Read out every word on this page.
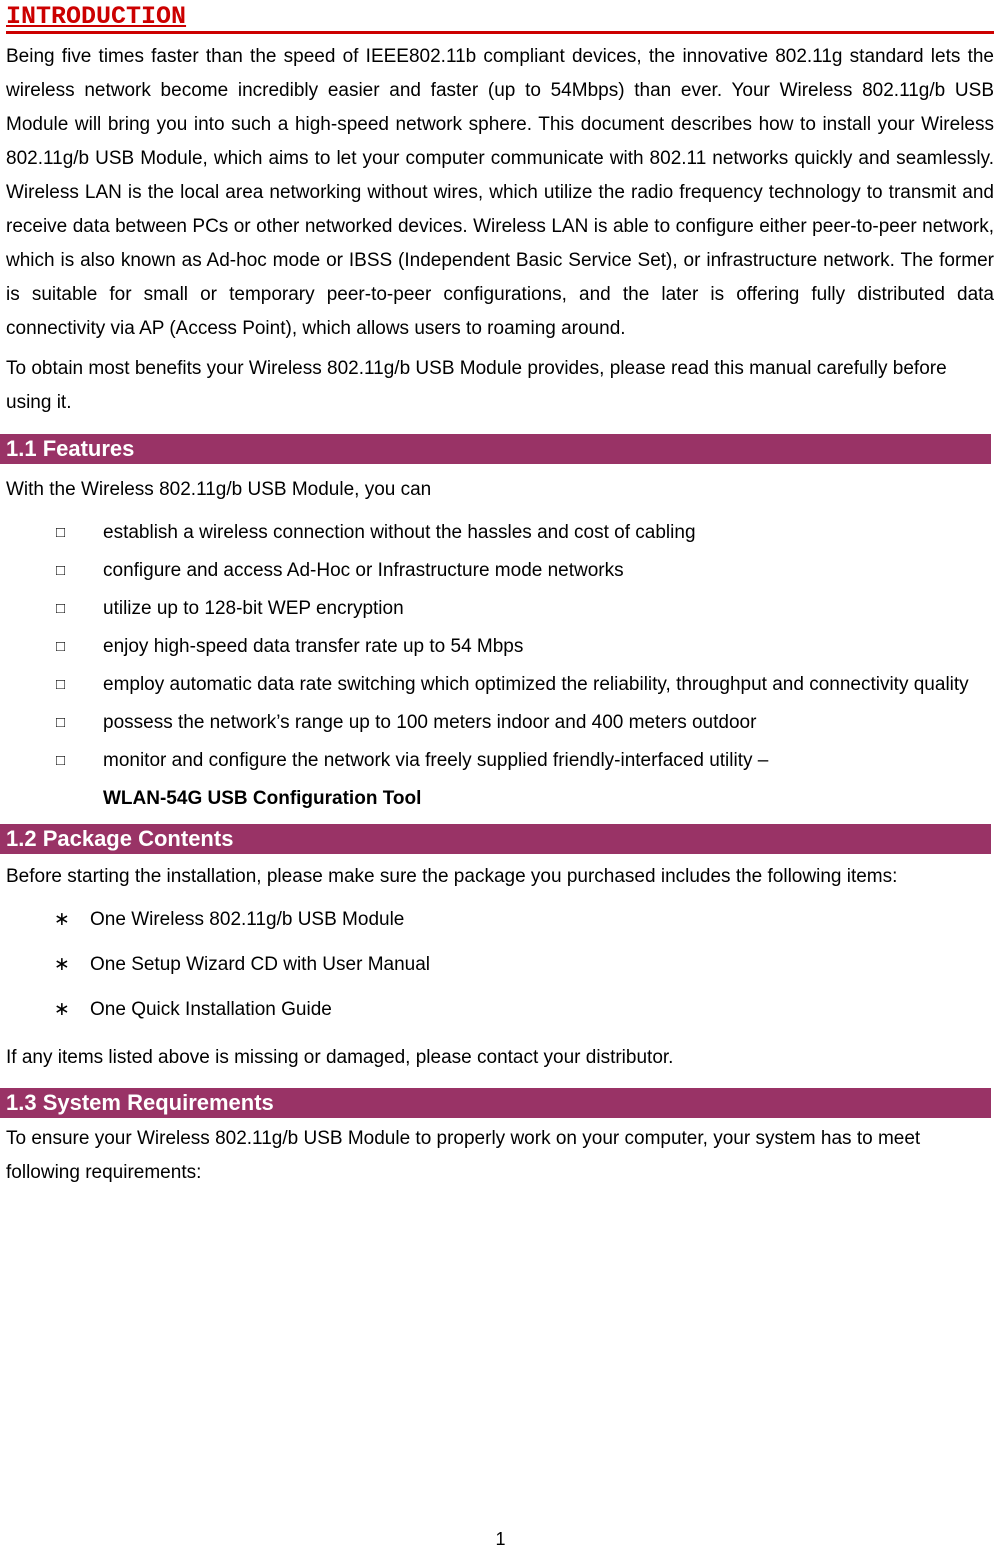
INTRODUCTION

Being five times faster than the speed of IEEE802.11b compliant devices, the innovative 802.11g standard lets the wireless network become incredibly easier and faster (up to 54Mbps) than ever. Your Wireless 802.11g/b USB Module will bring you into such a high-speed network sphere. This document describes how to install your Wireless 802.11g/b USB Module, which aims to let your computer communicate with 802.11 networks quickly and seamlessly. Wireless LAN is the local area networking without wires, which utilize the radio frequency technology to transmit and receive data between PCs or other networked devices. Wireless LAN is able to configure either peer-to-peer network, which is also known as Ad-hoc mode or IBSS (Independent Basic Service Set), or infrastructure network. The former is suitable for small or temporary peer-to-peer configurations, and the later is offering fully distributed data connectivity via AP (Access Point), which allows users to roaming around.

To obtain most benefits your Wireless 802.11g/b USB Module provides, please read this manual carefully before using it.

1.1 Features

With the Wireless 802.11g/b USB Module, you can

□ establish a wireless connection without the hassles and cost of cabling
□ configure and access Ad-Hoc or Infrastructure mode networks
□ utilize up to 128-bit WEP encryption
□ enjoy high-speed data transfer rate up to 54 Mbps
□ employ automatic data rate switching which optimized the reliability, throughput and connectivity quality
□ possess the network’s range up to 100 meters indoor and 400 meters outdoor
□ monitor and configure the network via freely supplied friendly-interfaced utility –
WLAN-54G USB Configuration Tool
1.2 Package Contents

Before starting the installation, please make sure the package you purchased includes the following items:

∗ One Wireless 802.11g/b USB Module
∗ One Setup Wizard CD with User Manual
∗ One Quick Installation Guide

If any items listed above is missing or damaged, please contact your distributor.

1.3 System Requirements

To ensure your Wireless 802.11g/b USB Module to properly work on your computer, your system has to meet following requirements:

1
